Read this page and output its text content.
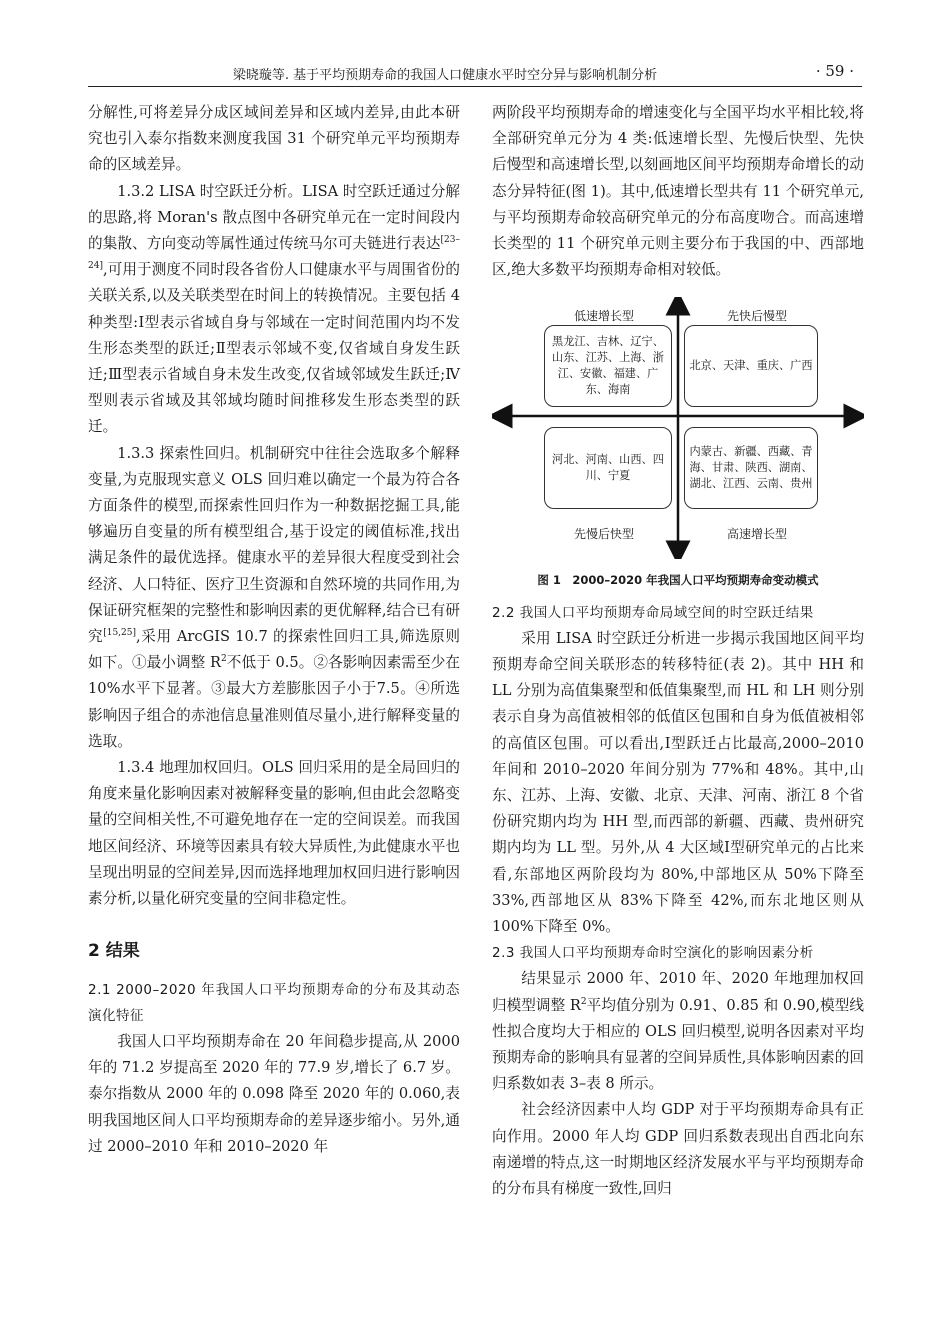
梁晓璇等. 基于平均预期寿命的我国人口健康水平时空分异与影响机制分析	· 59 ·

分解性,可将差异分成区域间差异和区域内差异,由此本研究也引入泰尔指数来测度我国 31 个研究单元平均预期寿命的区域差异。

1.3.2 LISA 时空跃迁分析。LISA 时空跃迁通过分解的思路,将 Moran's 散点图中各研究单元在一定时间段内的集散、方向变动等属性通过传统马尔可夫链进行表达[23–24],可用于测度不同时段各省份人口健康水平与周围省份的关联关系,以及关联类型在时间上的转换情况。主要包括 4 种类型:Ⅰ型表示省域自身与邻域在一定时间范围内均不发生形态类型的跃迁;Ⅱ型表示邻域不变,仅省域自身发生跃迁;Ⅲ型表示省域自身未发生改变,仅省域邻域发生跃迁;Ⅳ 型则表示省域及其邻域均随时间推移发生形态类型的跃迁。

1.3.3 探索性回归。机制研究中往往会选取多个解释变量,为克服现实意义 OLS 回归难以确定一个最为符合各方面条件的模型,而探索性回归作为一种数据挖掘工具,能够遍历自变量的所有模型组合,基于设定的阈值标准,找出满足条件的最优选择。健康水平的差异很大程度受到社会经济、人口特征、医疗卫生资源和自然环境的共同作用,为保证研究框架的完整性和影响因素的更优解释,结合已有研究[15,25],采用 ArcGIS 10.7 的探索性回归工具,筛选原则如下。①最小调整 $R^2$不低于 0.5。②各影响因素需至少在 10%水平下显著。③最大方差膨胀因子小于7.5。④所选影响因子组合的赤池信息量准则值尽量小,进行解释变量的选取。

1.3.4 地理加权回归。OLS 回归采用的是全局回归的角度来量化影响因素对被解释变量的影响,但由此会忽略变量的空间相关性,不可避免地存在一定的空间误差。而我国地区间经济、环境等因素具有较大异质性,为此健康水平也呈现出明显的空间差异,因而选择地理加权回归进行影响因素分析,以量化研究变量的空间非稳定性。

2 结果

2.1 2000–2020 年我国人口平均预期寿命的分布及其动态演化特征

我国人口平均预期寿命在 20 年间稳步提高,从 2000 年的 71.2 岁提高至 2020 年的 77.9 岁,增长了 6.7 岁。泰尔指数从 2000 年的 0.098 降至 2020 年的 0.060,表明我国地区间人口平均预期寿命的差异逐步缩小。另外,通过 2000–2010 年和 2010–2020 年

两阶段平均预期寿命的增速变化与全国平均水平相比较,将全部研究单元分为 4 类:低速增长型、先慢后快型、先快后慢型和高速增长型,以刻画地区间平均预期寿命增长的动态分异特征(图 1)。其中,低速增长型共有 11 个研究单元,与平均预期寿命较高研究单元的分布高度吻合。而高速增长类型的 11 个研究单元则主要分布于我国的中、西部地区,绝大多数平均预期寿命相对较低。

低速增长型	先快后慢型
黑龙江、吉林、辽宁、山东、江苏、上海、浙江、安徽、福建、广东、海南
北京、天津、重庆、广西
河北、河南、山西、四川、宁夏
内蒙古、新疆、西藏、青海、甘肃、陕西、湖南、湖北、江西、云南、贵州
先慢后快型	高速增长型
图 1　2000–2020 年我国人口平均预期寿命变动模式

2.2 我国人口平均预期寿命局域空间的时空跃迁结果

采用 LISA 时空跃迁分析进一步揭示我国地区间平均预期寿命空间关联形态的转移特征(表 2)。其中 HH 和 LL 分别为高值集聚型和低值集聚型,而 HL 和 LH 则分别表示自身为高值被相邻的低值区包围和自身为低值被相邻的高值区包围。可以看出,Ⅰ型跃迁占比最高,2000–2010 年间和 2010–2020 年间分别为 77%和 48%。其中,山东、江苏、上海、安徽、北京、天津、河南、浙江 8 个省份研究期内均为 HH 型,而西部的新疆、西藏、贵州研究期内均为 LL 型。另外,从 4 大区域Ⅰ型研究单元的占比来看,东部地区两阶段均为 80%,中部地区从 50%下降至 33%,西部地区从 83%下降至 42%,而东北地区则从 100%下降至 0%。

2.3 我国人口平均预期寿命时空演化的影响因素分析

结果显示 2000 年、2010 年、2020 年地理加权回归模型调整 $R^2$平均值分别为 0.91、0.85 和 0.90,模型线性拟合度均大于相应的 OLS 回归模型,说明各因素对平均预期寿命的影响具有显著的空间异质性,具体影响因素的回归系数如表 3–表 8 所示。

社会经济因素中人均 GDP 对于平均预期寿命具有正向作用。2000 年人均 GDP 回归系数表现出自西北向东南递增的特点,这一时期地区经济发展水平与平均预期寿命的分布具有梯度一致性,回归
